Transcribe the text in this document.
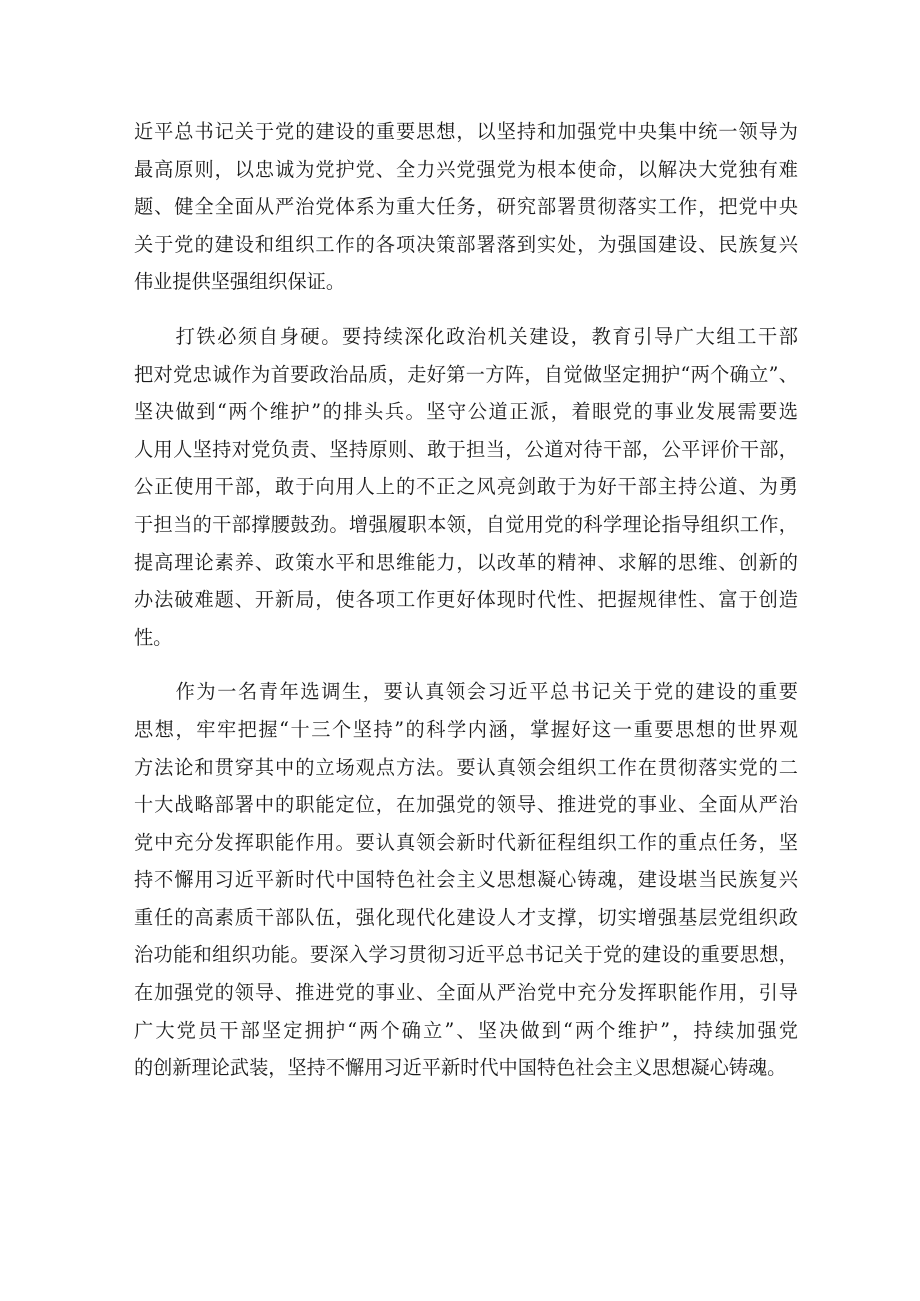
近平总书记关于党的建设的重要思想，以坚持和加强党中央集中统一领导为
最高原则，以忠诚为党护党、全力兴党强党为根本使命，以解决大党独有难
题、健全全面从严治党体系为重大任务，研究部署贯彻落实工作，把党中央
关于党的建设和组织工作的各项决策部署落到实处，为强国建设、民族复兴
伟业提供坚强组织保证。
　　打铁必须自身硬。要持续深化政治机关建设，教育引导广大组工干部
把对党忠诚作为首要政治品质，走好第一方阵，自觉做坚定拥护“两个确立”、
坚决做到“两个维护”的排头兵。坚守公道正派，着眼党的事业发展需要选
人用人坚持对党负责、坚持原则、敢于担当，公道对待干部，公平评价干部，
公正使用干部，敢于向用人上的不正之风亮剑敢于为好干部主持公道、为勇
于担当的干部撑腰鼓劲。增强履职本领，自觉用党的科学理论指导组织工作，
提高理论素养、政策水平和思维能力，以改革的精神、求解的思维、创新的
办法破难题、开新局，使各项工作更好体现时代性、把握规律性、富于创造
性。
　　作为一名青年选调生，要认真领会习近平总书记关于党的建设的重要
思想，牢牢把握“十三个坚持”的科学内涵，掌握好这一重要思想的世界观
方法论和贯穿其中的立场观点方法。要认真领会组织工作在贯彻落实党的二
十大战略部署中的职能定位，在加强党的领导、推进党的事业、全面从严治
党中充分发挥职能作用。要认真领会新时代新征程组织工作的重点任务，坚
持不懈用习近平新时代中国特色社会主义思想凝心铸魂，建设堪当民族复兴
重任的高素质干部队伍，强化现代化建设人才支撑，切实增强基层党组织政
治功能和组织功能。要深入学习贯彻习近平总书记关于党的建设的重要思想，
在加强党的领导、推进党的事业、全面从严治党中充分发挥职能作用，引导
广大党员干部坚定拥护“两个确立”、坚决做到“两个维护”，持续加强党
的创新理论武装，坚持不懈用习近平新时代中国特色社会主义思想凝心铸魂。
